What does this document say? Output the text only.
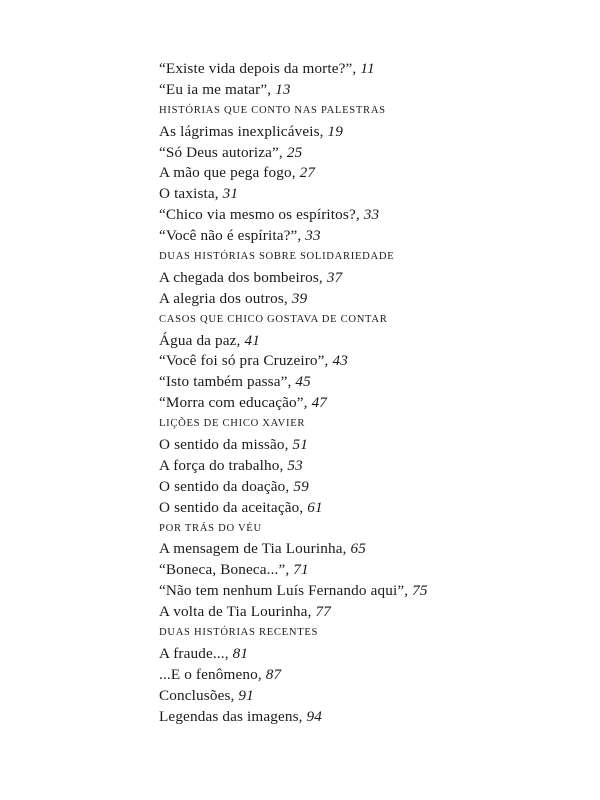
“Existe vida depois da morte?”, 11
“Eu ia me matar”, 13
HISTÓRIAS QUE CONTO NAS PALESTRAS
As lágrimas inexplicáveis, 19
“Só Deus autoriza”, 25
A mão que pega fogo, 27
O taxista, 31
“Chico via mesmo os espíritos?, 33
“Você não é espírita?”, 33
DUAS HISTÓRIAS SOBRE SOLIDARIEDADE
A chegada dos bombeiros, 37
A alegria dos outros, 39
CASOS QUE CHICO GOSTAVA DE CONTAR
Água da paz, 41
“Você foi só pra Cruzeiro”, 43
“Isto também passa”, 45
“Morra com educação”, 47
LIÇÕES DE CHICO XAVIER
O sentido da missão, 51
A força do trabalho, 53
O sentido da doação, 59
O sentido da aceitação, 61
POR TRÁS DO VÉU
A mensagem de Tia Lourinha, 65
“Boneca, Boneca...”, 71
“Não tem nenhum Luís Fernando aqui”, 75
A volta de Tia Lourinha, 77
DUAS HISTÓRIAS RECENTES
A fraude..., 81
...E o fenômeno, 87
Conclusões, 91
Legendas das imagens, 94
